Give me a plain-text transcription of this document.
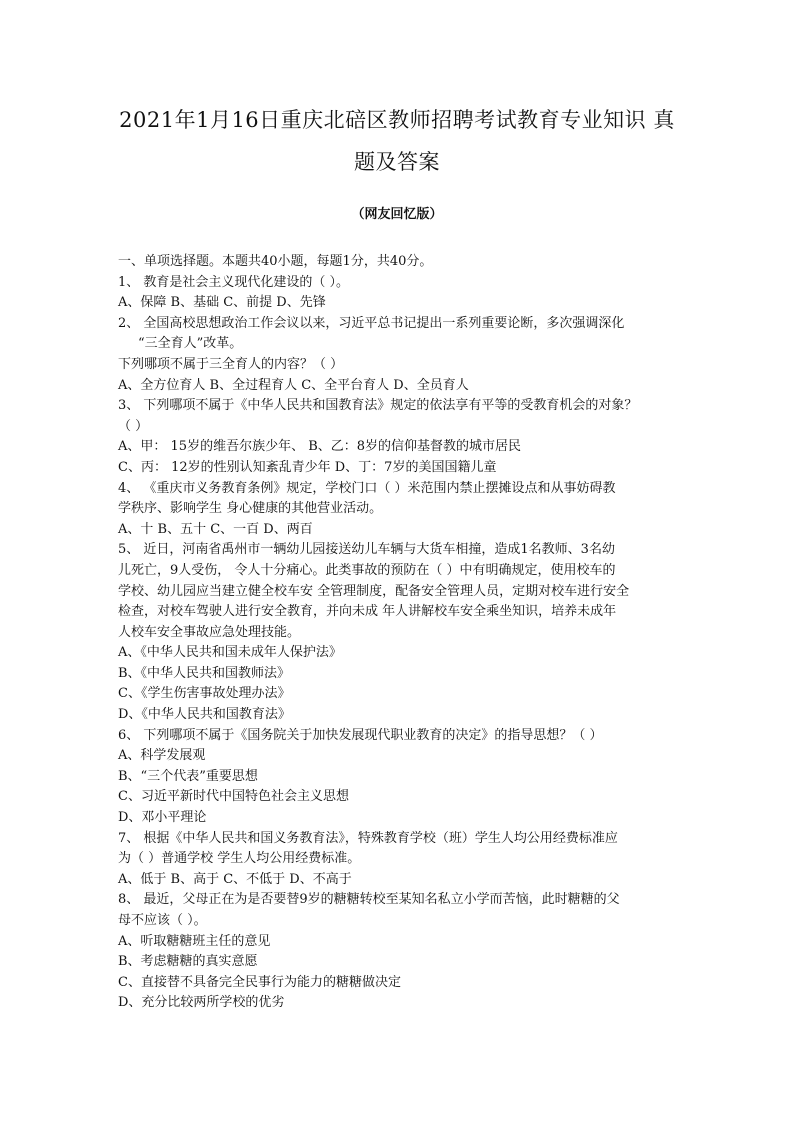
2021年1月16日重庆北碚区教师招聘考试教育专业知识 真
题及答案
（网友回忆版）
一、单项选择题。本题共40小题，每题1分，共40分。
1、 教育是社会主义现代化建设的（ ）。
A、保障 B、基础 C、前提 D、先锋
2、 全国高校思想政治工作会议以来，习近平总书记提出一系列重要论断，多次强调深化
“三全育人”改革。
下列哪项不属于三全育人的内容？（ ）
A、全方位育人 B、全过程育人 C、全平台育人 D、全员育人
3、 下列哪项不属于《中华人民共和国教育法》规定的依法享有平等的受教育机会的对象？
（ ）
A、甲： 15岁的维吾尔族少年、 B、乙：8岁的信仰基督教的城市居民
C、丙： 12岁的性别认知紊乱青少年 D、丁：7岁的美国国籍儿童
4、 《重庆市义务教育条例》规定，学校门口（ ）米范围内禁止摆摊设点和从事妨碍教
学秩序、影响学生 身心健康的其他营业活动。
A、十 B、五十 C、一百 D、两百
5、 近日，河南省禹州市一辆幼儿园接送幼儿车辆与大货车相撞，造成1名教师、3名幼
儿死亡，9人受伤， 令人十分痛心。此类事故的预防在（ ）中有明确规定，使用校车的
学校、幼儿园应当建立健全校车安 全管理制度，配备安全管理人员，定期对校车进行安全
检查，对校车驾驶人进行安全教育，并向未成 年人讲解校车安全乘坐知识，培养未成年
人校车安全事故应急处理技能。
A、《中华人民共和国未成年人保护法》
B、《中华人民共和国教师法》
C、《学生伤害事故处理办法》
D、《中华人民共和国教育法》
6、 下列哪项不属于《国务院关于加快发展现代职业教育的决定》的指导思想？（ ）
A、科学发展观
B、“三个代表”重要思想
C、习近平新时代中国特色社会主义思想
D、邓小平理论
7、 根据《中华人民共和国义务教育法》，特殊教育学校（班）学生人均公用经费标准应
为（ ）普通学校 学生人均公用经费标准。
A、低于 B、高于 C、不低于 D、不高于
8、 最近，父母正在为是否要替9岁的糖糖转校至某知名私立小学而苦恼，此时糖糖的父
母不应该（ ）。
A、听取糖糖班主任的意见
B、考虑糖糖的真实意愿
C、直接替不具备完全民事行为能力的糖糖做决定
D、充分比较两所学校的优劣
